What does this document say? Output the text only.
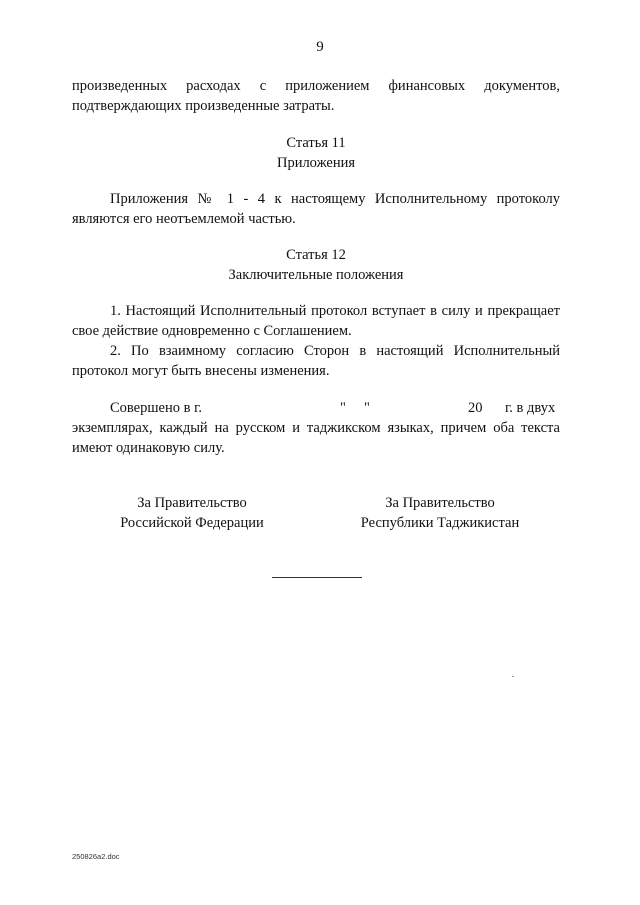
9

произведенных расходах с приложением финансовых документов, подтверждающих произведенные затраты.

Статья 11
Приложения

Приложения № 1 - 4 к настоящему Исполнительному протоколу являются его неотъемлемой частью.

Статья 12
Заключительные положения

1. Настоящий Исполнительный протокол вступает в силу и прекращает свое действие одновременно с Соглашением.

2. По взаимному согласию Сторон в настоящий Исполнительный протокол могут быть внесены изменения.

Совершено в г.	"     "	20 г. в двух
экземплярах, каждый на русском и таджикском языках, причем оба текста имеют одинаковую силу.
За Правительство
Российской Федерации
За Правительство
Республики Таджикистан
250826a2.doc
